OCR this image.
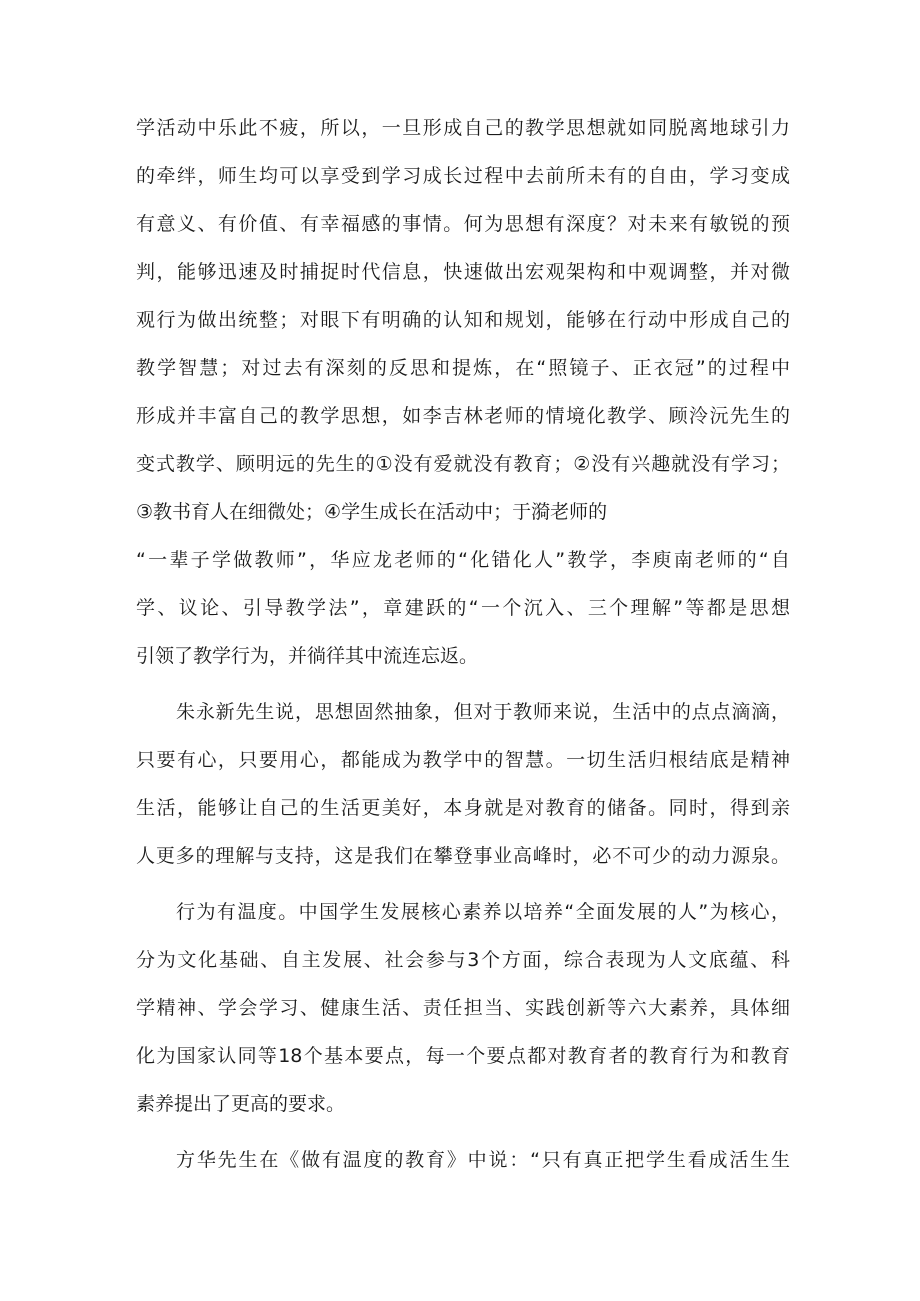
学活动中乐此不疲，所以，一旦形成自己的教学思想就如同脱离地球引力
的牵绊，师生均可以享受到学习成长过程中去前所未有的自由，学习变成
有意义、有价值、有幸福感的事情。何为思想有深度？对未来有敏锐的预
判，能够迅速及时捕捉时代信息，快速做出宏观架构和中观调整，并对微
观行为做出统整；对眼下有明确的认知和规划，能够在行动中形成自己的
教学智慧；对过去有深刻的反思和提炼，在“照镜子、正衣冠”的过程中
形成并丰富自己的教学思想，如李吉林老师的情境化教学、顾泠沅先生的
变式教学、顾明远的先生的①没有爱就没有教育；②没有兴趣就没有学习；
③教书育人在细微处；④学生成长在活动中；于漪老师的
“一辈子学做教师”，华应龙老师的“化错化人”教学，李庾南老师的“自
学、议论、引导教学法”，章建跃的“一个沉入、三个理解”等都是思想
引领了教学行为，并徜徉其中流连忘返。
朱永新先生说，思想固然抽象，但对于教师来说，生活中的点点滴滴，
只要有心，只要用心，都能成为教学中的智慧。一切生活归根结底是精神
生活，能够让自己的生活更美好，本身就是对教育的储备。同时，得到亲
人更多的理解与支持，这是我们在攀登事业高峰时，必不可少的动力源泉。
行为有温度。中国学生发展核心素养以培养“全面发展的人”为核心，
分为文化基础、自主发展、社会参与3个方面，综合表现为人文底蕴、科
学精神、学会学习、健康生活、责任担当、实践创新等六大素养，具体细
化为国家认同等18个基本要点，每一个要点都对教育者的教育行为和教育
素养提出了更高的要求。
方华先生在《做有温度的教育》中说：“只有真正把学生看成活生生
